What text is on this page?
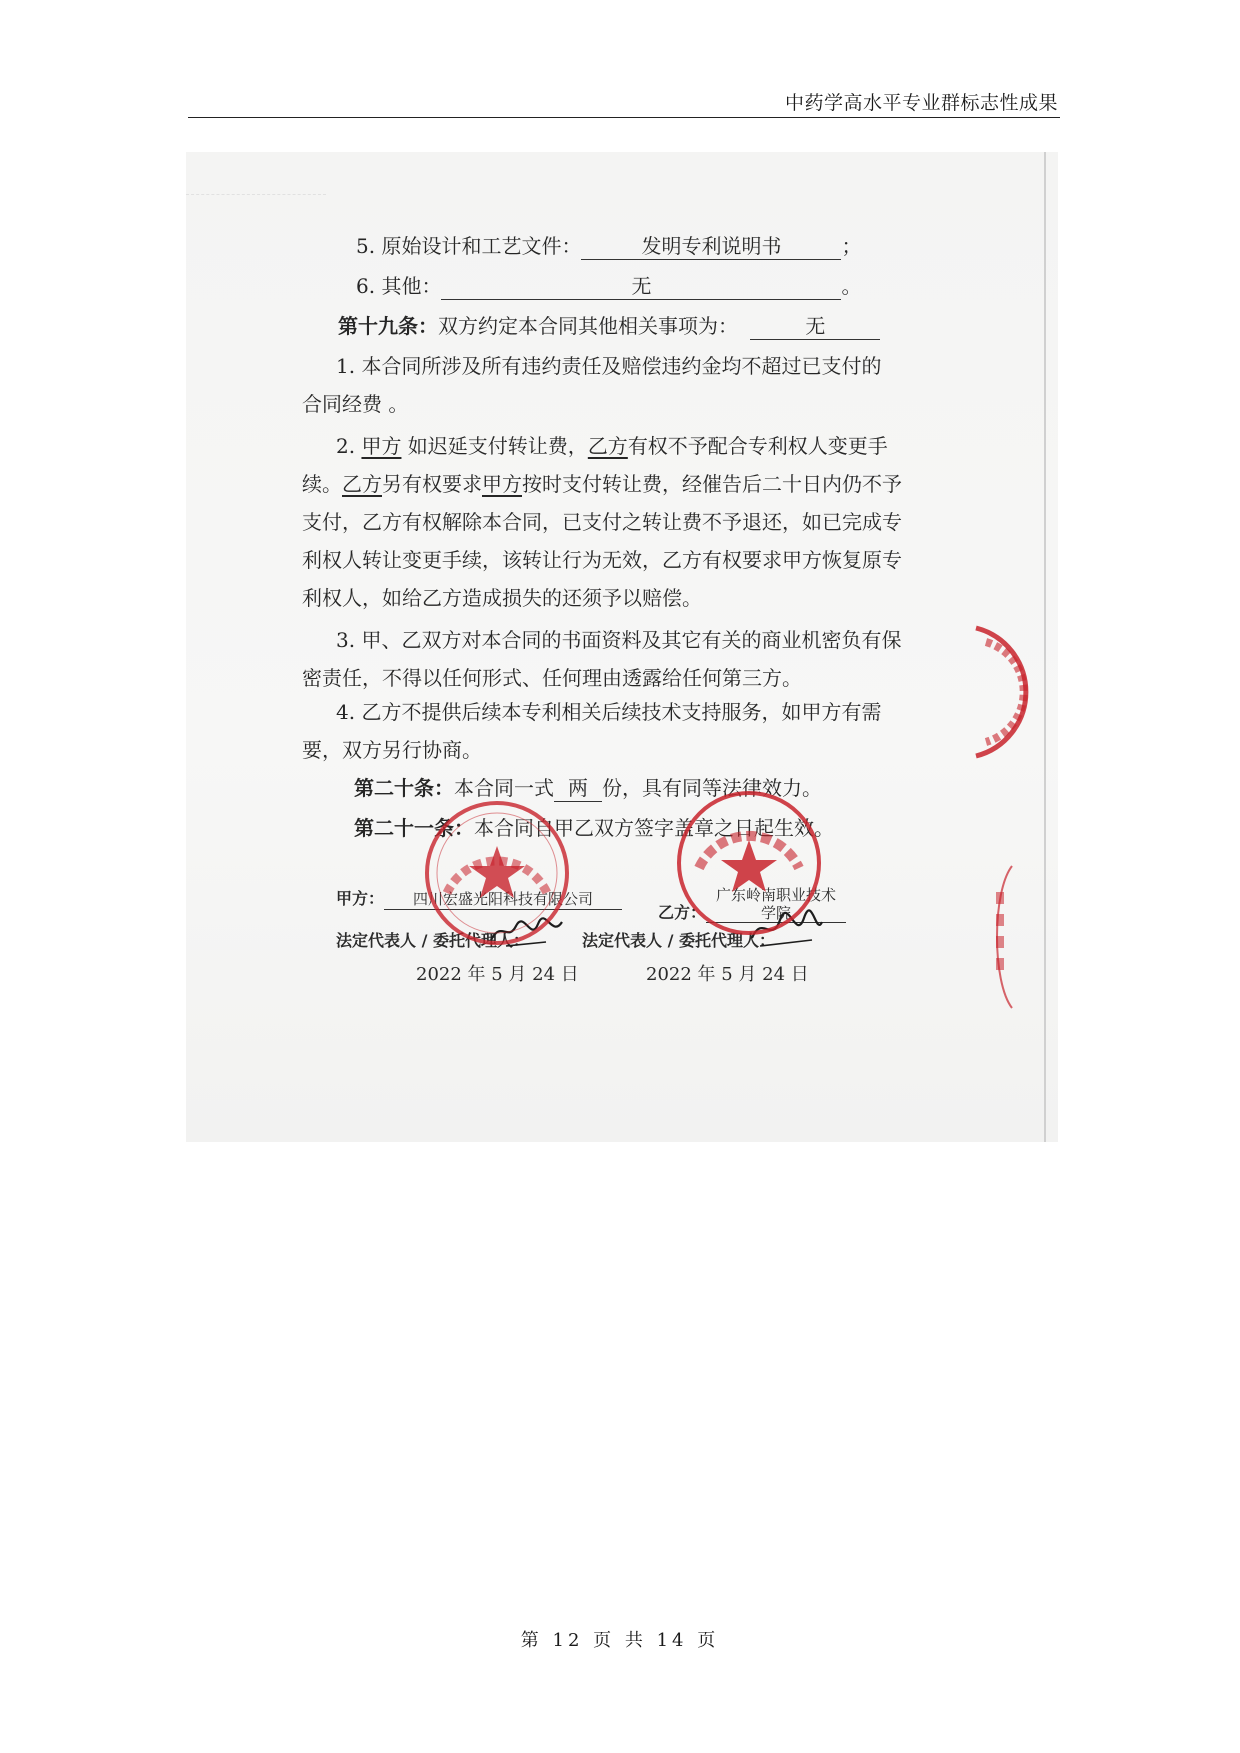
中药学高水平专业群标志性成果
5. 原始设计和工艺文件：	发明专利说明书	；
6. 其他：	无	。
第十九条：双方约定本合同其他相关事项为：	无
1. 本合同所涉及所有违约责任及赔偿违约金均不超过已支付的
合同经费 。
2. 甲方 如迟延支付转让费，乙方有权不予配合专利权人变更手
续。乙方另有权要求甲方按时支付转让费，经催告后二十日内仍不予
支付，乙方有权解除本合同，已支付之转让费不予退还，如已完成专
利权人转让变更手续，该转让行为无效，乙方有权要求甲方恢复原专
利权人，如给乙方造成损失的还须予以赔偿。
3. 甲、乙双方对本合同的书面资料及其它有关的商业机密负有保
密责任，不得以任何形式、任何理由透露给任何第三方。
4. 乙方不提供后续本专利相关后续技术支持服务，如甲方有需
要，双方另行协商。
第二十条：本合同一式 两 份，具有同等法律效力。
第二十一条：本合同自甲乙双方签字盖章之日起生效。
甲方： 四川宏盛光阳科技有限公司
法定代表人 / 委托代理人：
2022 年 5 月 24 日
乙方：广东岭南职业技术学院
法定代表人 / 委托代理人：
2022 年 5 月 24 日
第 12 页 共 14 页
